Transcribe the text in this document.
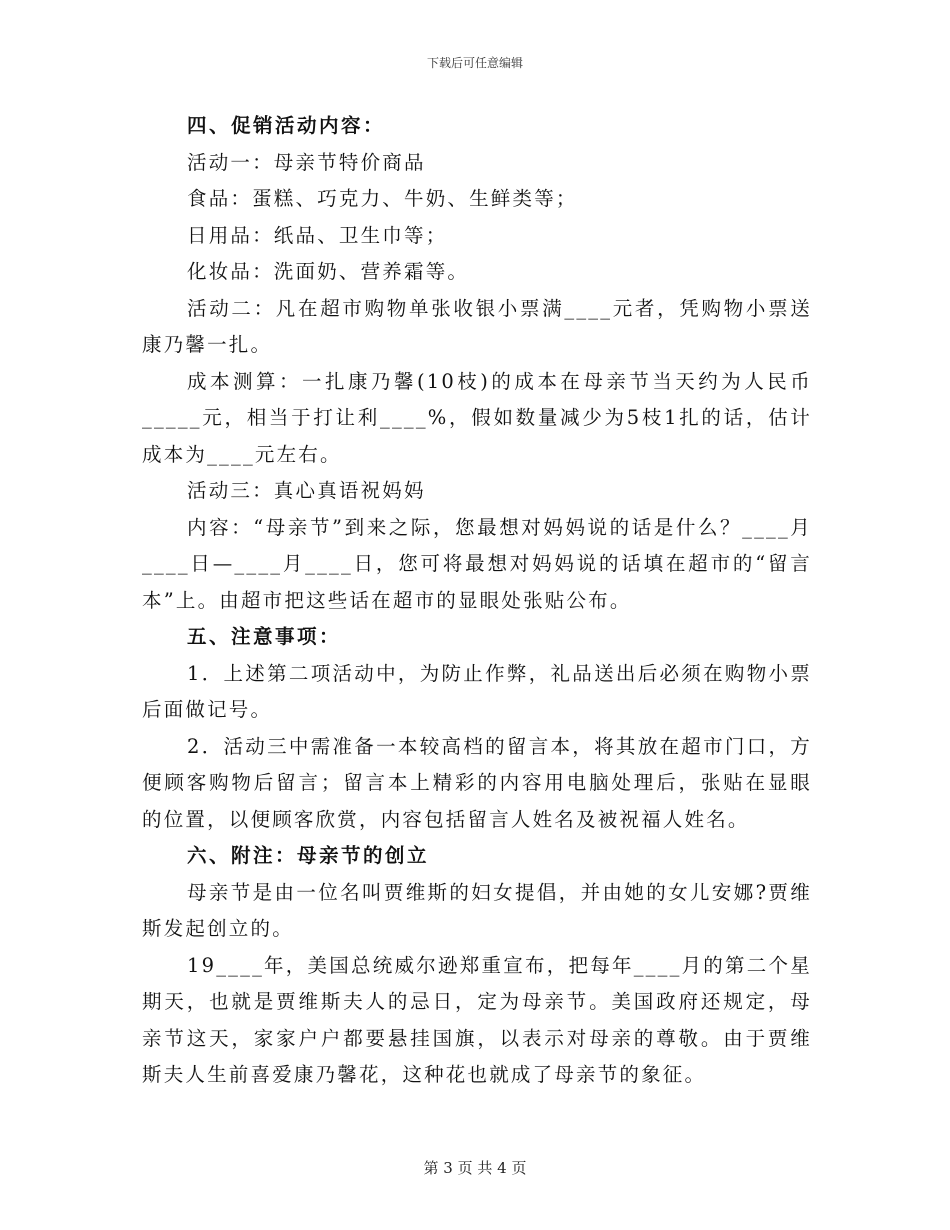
下载后可任意编辑

四、促销活动内容：

活动一：母亲节特价商品

食品：蛋糕、巧克力、牛奶、生鲜类等；

日用品：纸品、卫生巾等；

化妆品：洗面奶、营养霜等。

活动二：凡在超市购物单张收银小票满____元者，凭购物小票送康乃馨一扎。

成本测算：一扎康乃馨(10枝)的成本在母亲节当天约为人民币_____元，相当于打让利____%，假如数量减少为5枝1扎的话，估计成本为____元左右。

活动三：真心真语祝妈妈

内容：“母亲节”到来之际，您最想对妈妈说的话是什么？____月____日—____月____日，您可将最想对妈妈说的话填在超市的“留言本”上。由超市把这些话在超市的显眼处张贴公布。

五、注意事项：

1．上述第二项活动中，为防止作弊，礼品送出后必须在购物小票后面做记号。

2．活动三中需准备一本较高档的留言本，将其放在超市门口，方便顾客购物后留言；留言本上精彩的内容用电脑处理后，张贴在显眼的位置，以便顾客欣赏，内容包括留言人姓名及被祝福人姓名。

六、附注：母亲节的创立

母亲节是由一位名叫贾维斯的妇女提倡，并由她的女儿安娜?贾维斯发起创立的。

19____年，美国总统威尔逊郑重宣布，把每年____月的第二个星期天，也就是贾维斯夫人的忌日，定为母亲节。美国政府还规定，母亲节这天，家家户户都要悬挂国旗，以表示对母亲的尊敬。由于贾维斯夫人生前喜爱康乃馨花，这种花也就成了母亲节的象征。

第 3 页 共 4 页
